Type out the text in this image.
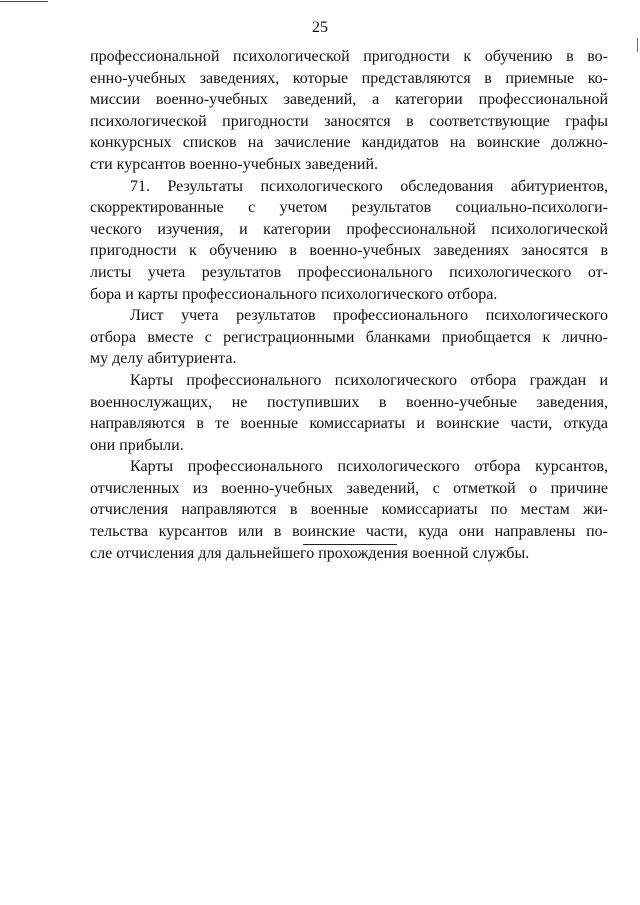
25
профессиональной психологической пригодности к обучению в во-
енно-учебных заведениях, которые представляются в приемные ко-
миссии военно-учебных заведений, а категории профессиональной
психологической пригодности заносятся в соответствующие графы
конкурсных списков на зачисление кандидатов на воинские должно-
сти курсантов военно-учебных заведений.
71. Результаты психологического обследования абитуриентов,
скорректированные с учетом результатов социально-психологи-
ческого изучения, и категории профессиональной психологической
пригодности к обучению в военно-учебных заведениях заносятся в
листы учета результатов профессионального психологического от-
бора и карты профессионального психологического отбора.
Лист учета результатов профессионального психологического
отбора вместе с регистрационными бланками приобщается к лично-
му делу абитуриента.
Карты профессионального психологического отбора граждан и
военнослужащих, не поступивших в военно-учебные заведения,
направляются в те военные комиссариаты и воинские части, откуда
они прибыли.
Карты профессионального психологического отбора курсантов,
отчисленных из военно-учебных заведений, с отметкой о причине
отчисления направляются в военные комиссариаты по местам жи-
тельства курсантов или в воинские части, куда они направлены по-
сле отчисления для дальнейшего прохождения военной службы.
